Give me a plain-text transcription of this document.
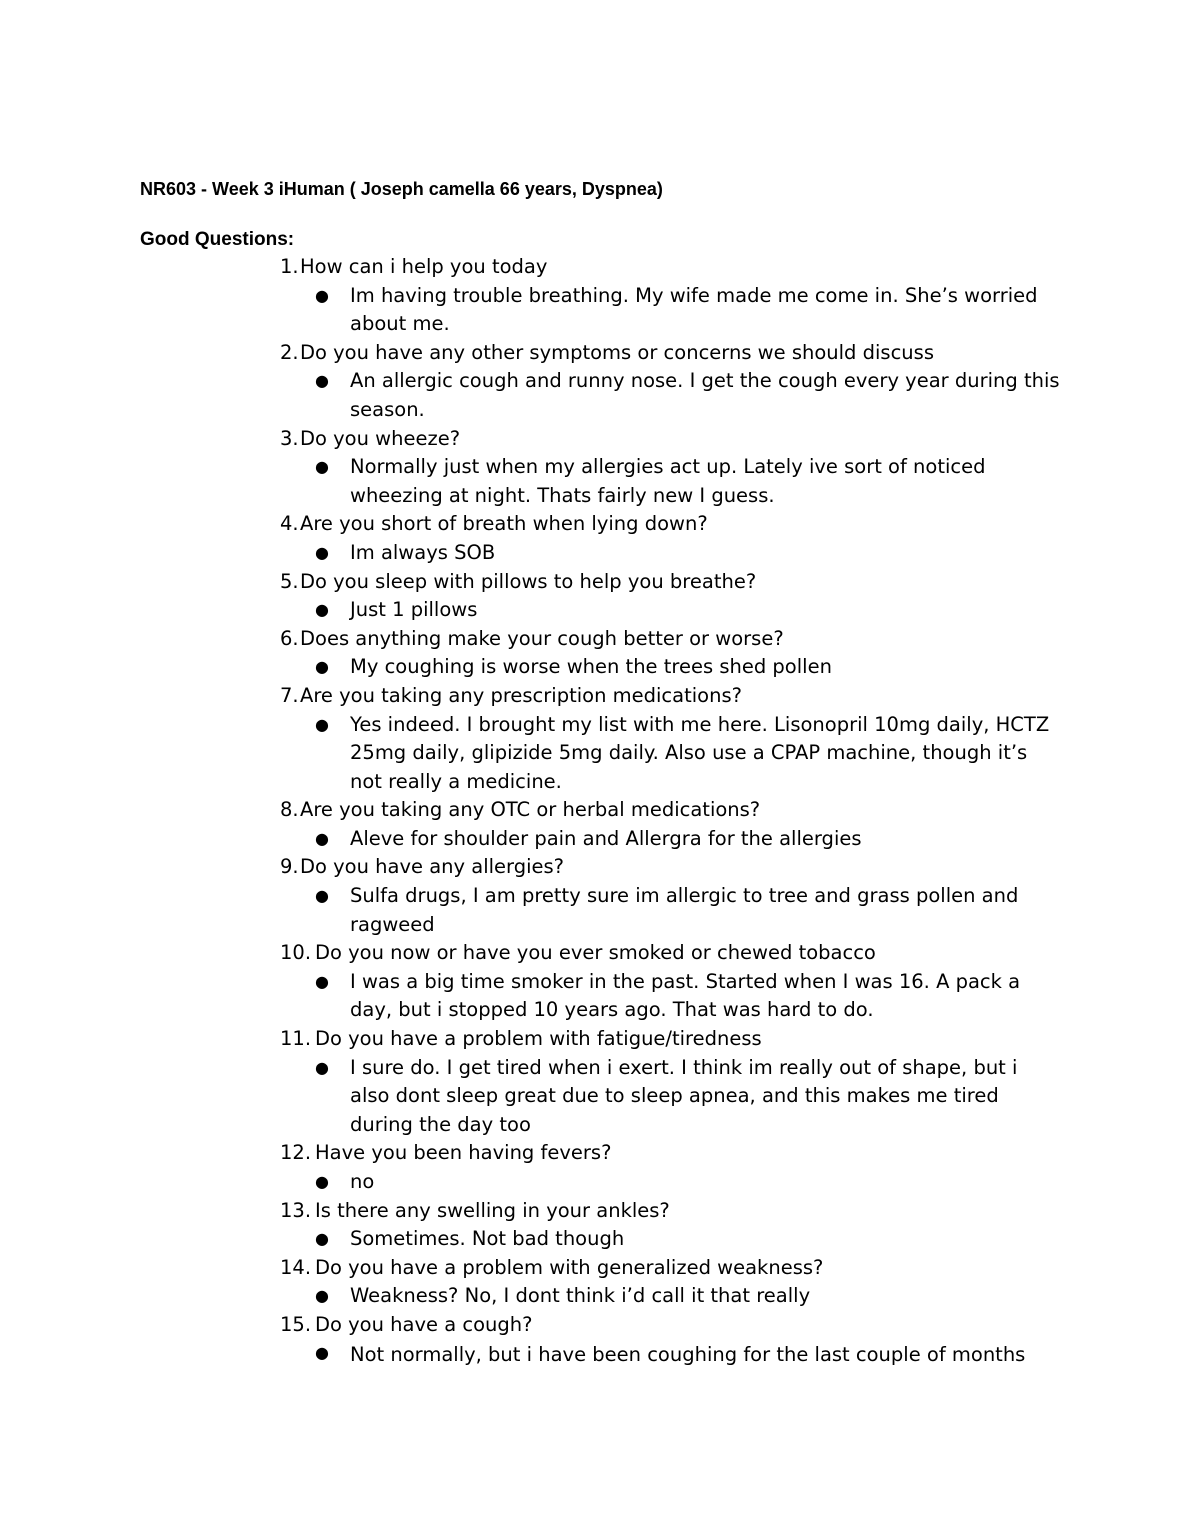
NR603 - Week 3 iHuman ( Joseph camella 66 years, Dyspnea)
Good Questions:
1. How can i help you today
● Im having trouble breathing. My wife made me come in. She’s worried about me.
2. Do you have any other symptoms or concerns we should discuss
● An allergic cough and runny nose. I get the cough every year during this season.
3. Do you wheeze?
● Normally just when my allergies act up. Lately ive sort of noticed wheezing at night. Thats fairly new I guess.
4. Are you short of breath when lying down?
● Im always SOB
5. Do you sleep with pillows to help you breathe?
● Just 1 pillows
6. Does anything make your cough better or worse?
● My coughing is worse when the trees shed pollen
7. Are you taking any prescription medications?
● Yes indeed. I brought my list with me here. Lisonopril 10mg daily, HCTZ 25mg daily, glipizide 5mg daily. Also use a CPAP machine, though it’s not really a medicine.
8. Are you taking any OTC or herbal medications?
● Aleve for shoulder pain and Allergra for the allergies
9. Do you have any allergies?
● Sulfa drugs, I am pretty sure im allergic to tree and grass pollen and ragweed
10. Do you now or have you ever smoked or chewed tobacco
● I was a big time smoker in the past. Started when I was 16. A pack a day, but i stopped 10 years ago. That was hard to do.
11. Do you have a problem with fatigue/tiredness
● I sure do. I get tired when i exert. I think im really out of shape, but i also dont sleep great due to sleep apnea, and this makes me tired during the day too
12. Have you been having fevers?
● no
13. Is there any swelling in your ankles?
● Sometimes. Not bad though
14. Do you have a problem with generalized weakness?
● Weakness? No, I dont think i’d call it that really
15. Do you have a cough?
● Not normally, but i have been coughing for the last couple of months
